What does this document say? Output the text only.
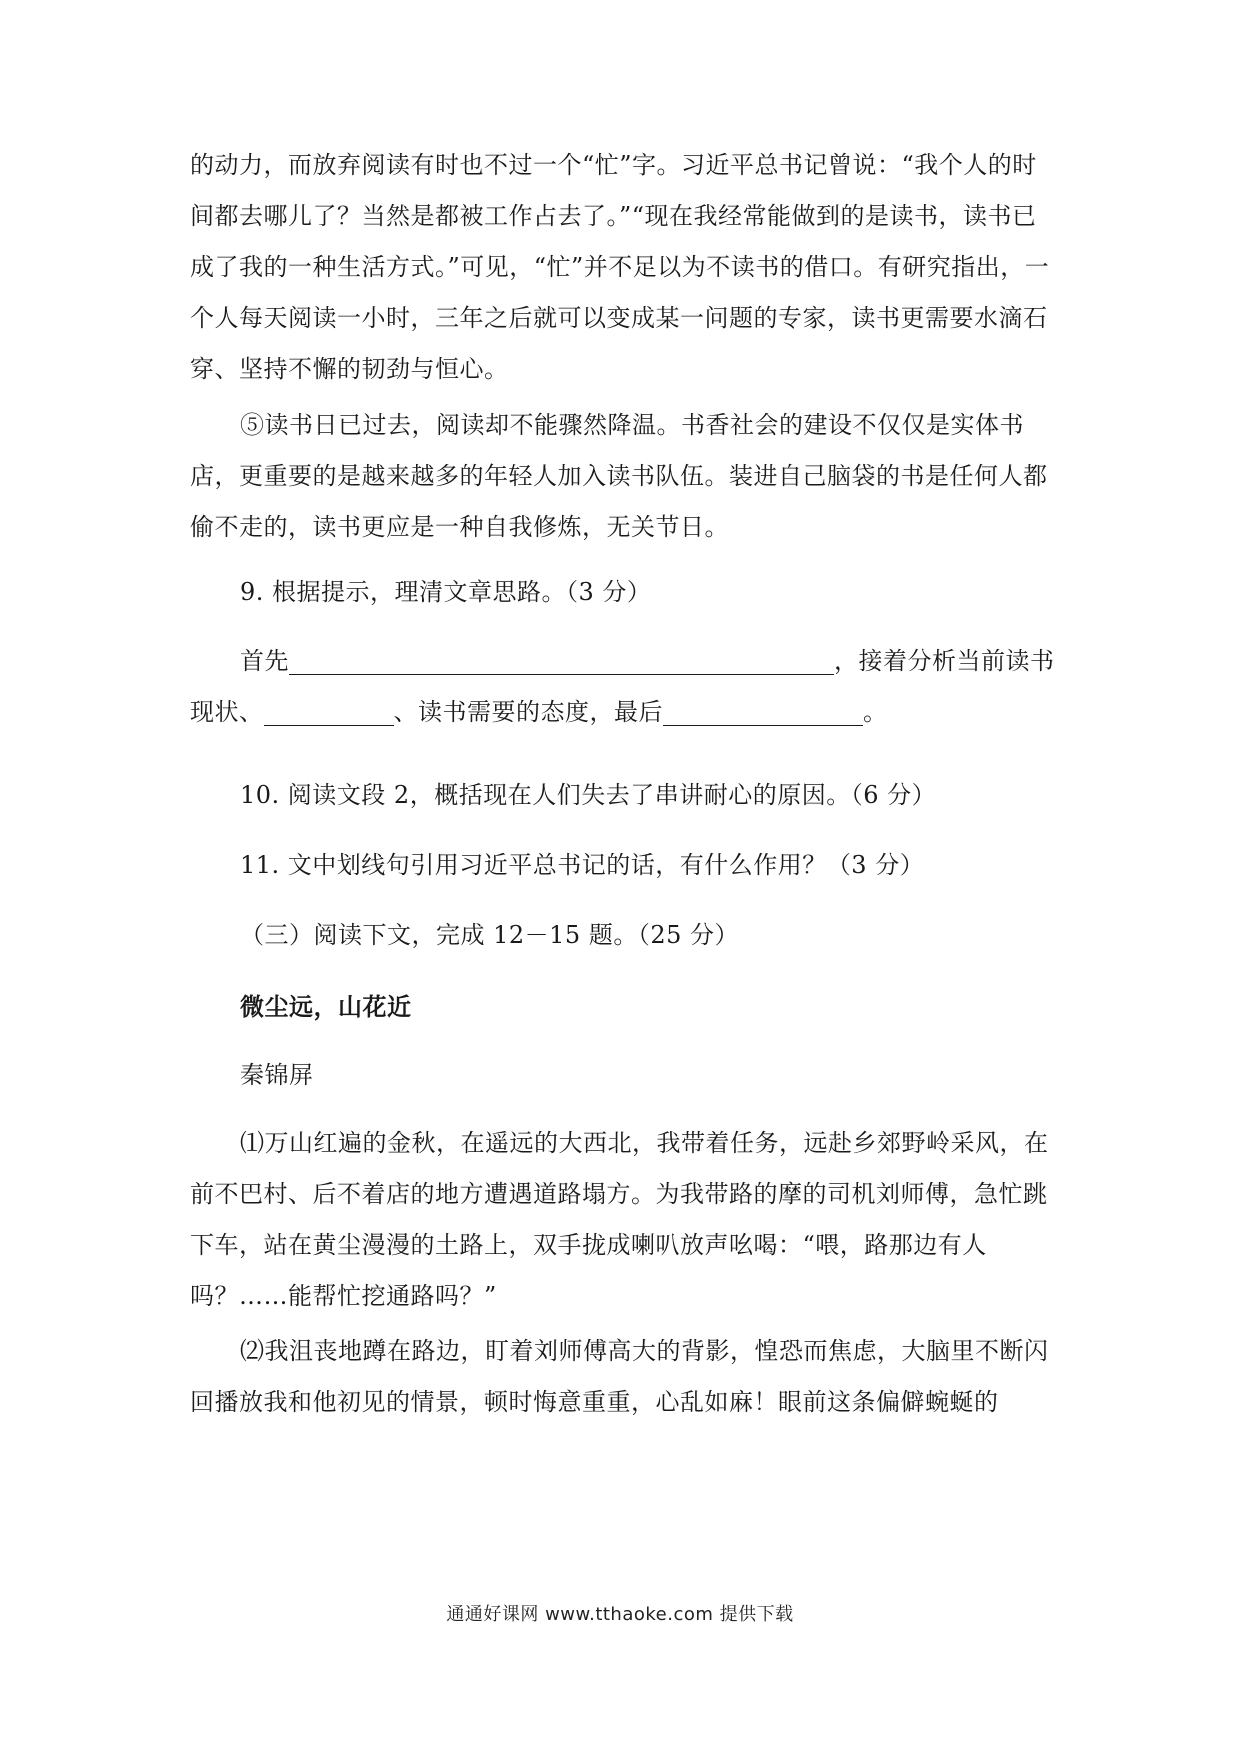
的动力，而放弃阅读有时也不过一个“忙”字。习近平总书记曾说：“我个人的时间都去哪儿了？当然是都被工作占去了。”“现在我经常能做到的是读书，读书已成了我的一种生活方式。”可见，“忙”并不足以为不读书的借口。有研究指出，一个人每天阅读一小时，三年之后就可以变成某一问题的专家，读书更需要水滴石穿、坚持不懈的韧劲与恒心。
⑤读书日已过去，阅读却不能骤然降温。书香社会的建设不仅仅是实体书店，更重要的是越来越多的年轻人加入读书队伍。装进自己脑袋的书是任何人都偷不走的，读书更应是一种自我修炼，无关节日。
9. 根据提示，理清文章思路。（3 分）
首先	，接着分析当前读书现状、	、读书需要的态度，最后	。
10. 阅读文段 2，概括现在人们失去了串讲耐心的原因。（6 分）
11. 文中划线句引用习近平总书记的话，有什么作用？（3 分）
（三）阅读下文，完成 12－15 题。（25 分）
微尘远，山花近
秦锦屏
⑴万山红遍的金秋，在遥远的大西北，我带着任务，远赴乡郊野岭采风，在前不巴村、后不着店的地方遭遇道路塌方。为我带路的摩的司机刘师傅，急忙跳下车，站在黄尘漫漫的土路上，双手拢成喇叭放声吆喝：“喂，路那边有人吗？……能帮忙挖通路吗？”
⑵我沮丧地蹲在路边，盯着刘师傅高大的背影，惶恐而焦虑，大脑里不断闪回播放我和他初见的情景，顿时悔意重重，心乱如麻！眼前这条偏僻蜿蜒的
通通好课网 www.tthaoke.com 提供下载
